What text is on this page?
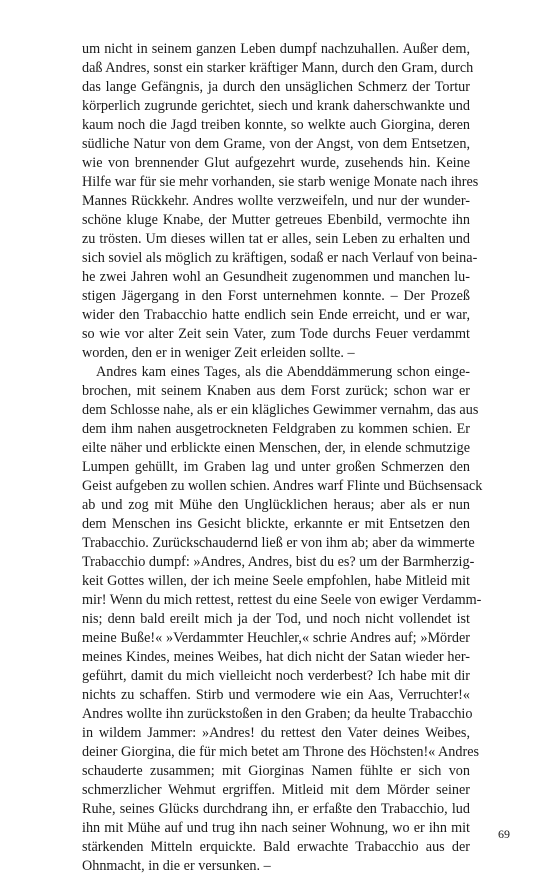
um nicht in seinem ganzen Leben dumpf nachzuhallen. Außer dem,
daß Andres, sonst ein starker kräftiger Mann, durch den Gram, durch
das lange Gefängnis, ja durch den unsäglichen Schmerz der Tortur
körperlich zugrunde gerichtet, siech und krank daherschwankte und
kaum noch die Jagd treiben konnte, so welkte auch Giorgina, deren
südliche Natur von dem Grame, von der Angst, von dem Entsetzen,
wie von brennender Glut aufgezehrt wurde, zusehends hin. Keine
Hilfe war für sie mehr vorhanden, sie starb wenige Monate nach ihres
Mannes Rückkehr. Andres wollte verzweifeln, und nur der wunder-
schöne kluge Knabe, der Mutter getreues Ebenbild, vermochte ihn
zu trösten. Um dieses willen tat er alles, sein Leben zu erhalten und
sich soviel als möglich zu kräftigen, sodaß er nach Verlauf von beina-
he zwei Jahren wohl an Gesundheit zugenommen und manchen lu-
stigen Jägergang in den Forst unternehmen konnte. – Der Prozeß
wider den Trabacchio hatte endlich sein Ende erreicht, und er war,
so wie vor alter Zeit sein Vater, zum Tode durchs Feuer verdammt
worden, den er in weniger Zeit erleiden sollte. –
Andres kam eines Tages, als die Abenddämmerung schon einge-
brochen, mit seinem Knaben aus dem Forst zurück; schon war er
dem Schlosse nahe, als er ein klägliches Gewimmer vernahm, das aus
dem ihm nahen ausgetrockneten Feldgraben zu kommen schien. Er
eilte näher und erblickte einen Menschen, der, in elende schmutzige
Lumpen gehüllt, im Graben lag und unter großen Schmerzen den
Geist aufgeben zu wollen schien. Andres warf Flinte und Büchsensack
ab und zog mit Mühe den Unglücklichen heraus; aber als er nun
dem Menschen ins Gesicht blickte, erkannte er mit Entsetzen den
Trabacchio. Zurückschaudernd ließ er von ihm ab; aber da wimmerte
Trabacchio dumpf: »Andres, Andres, bist du es? um der Barmherzig-
keit Gottes willen, der ich meine Seele empfohlen, habe Mitleid mit
mir! Wenn du mich rettest, rettest du eine Seele von ewiger Verdamm-
nis; denn bald ereilt mich ja der Tod, und noch nicht vollendet ist
meine Buße!« »Verdammter Heuchler,« schrie Andres auf; »Mörder
meines Kindes, meines Weibes, hat dich nicht der Satan wieder her-
geführt, damit du mich vielleicht noch verderbest? Ich habe mit dir
nichts zu schaffen. Stirb und vermodere wie ein Aas, Verruchter!«
Andres wollte ihn zurückstoßen in den Graben; da heulte Trabacchio
in wildem Jammer: »Andres! du rettest den Vater deines Weibes,
deiner Giorgina, die für mich betet am Throne des Höchsten!« Andres
schauderte zusammen; mit Giorginas Namen fühlte er sich von
schmerzlicher Wehmut ergriffen. Mitleid mit dem Mörder seiner
Ruhe, seines Glücks durchdrang ihn, er erfaßte den Trabacchio, lud
ihn mit Mühe auf und trug ihn nach seiner Wohnung, wo er ihn mit
stärkenden Mitteln erquickte. Bald erwachte Trabacchio aus der
Ohnmacht, in die er versunken. –
69
